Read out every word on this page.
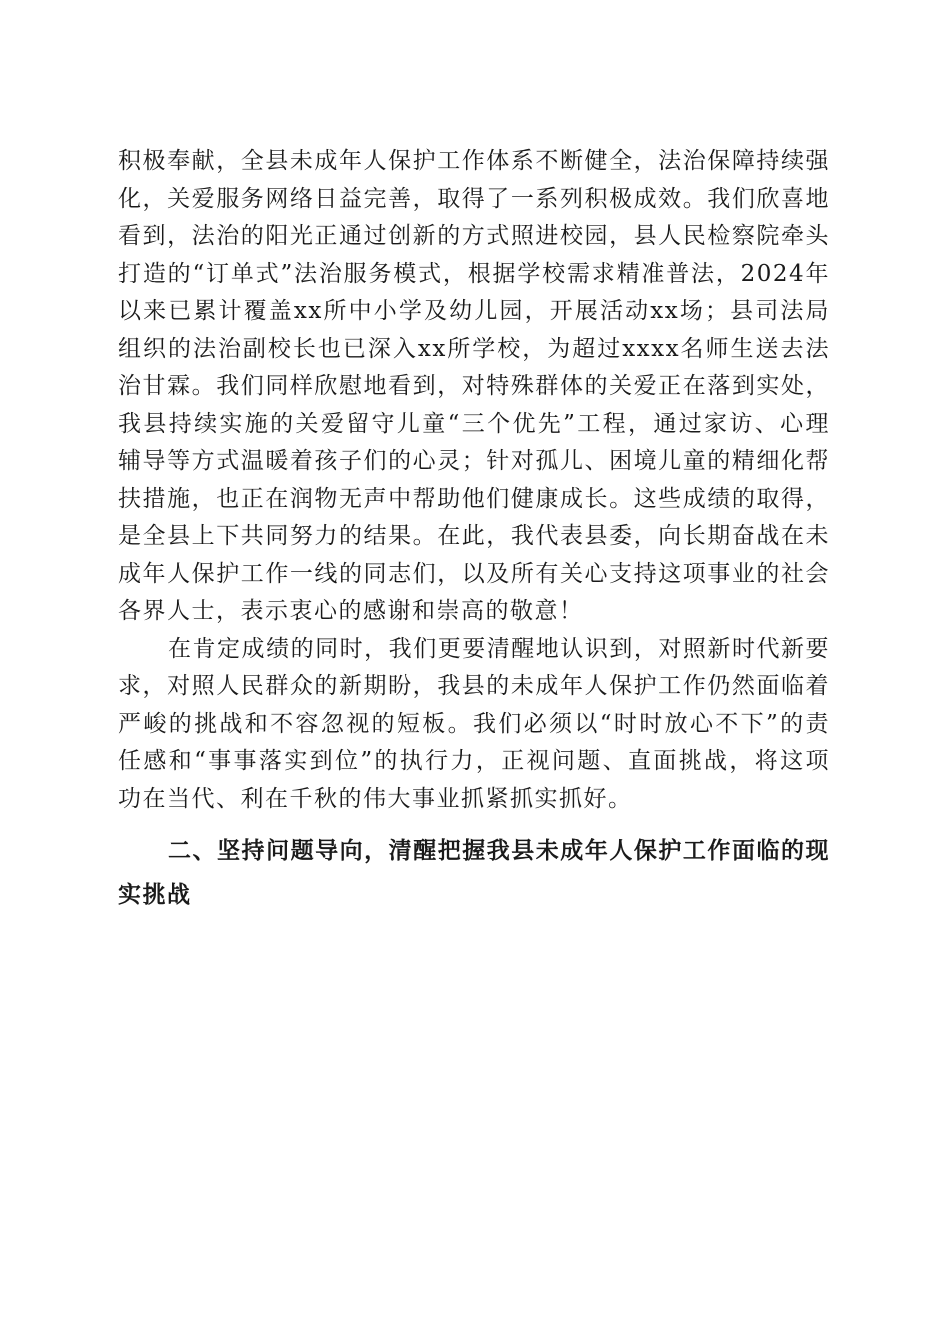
积极奉献，全县未成年人保护工作体系不断健全，法治保障持续强化，关爱服务网络日益完善，取得了一系列积极成效。我们欣喜地看到，法治的阳光正通过创新的方式照进校园，县人民检察院牵头打造的“订单式”法治服务模式，根据学校需求精准普法，2024年以来已累计覆盖xx所中小学及幼儿园，开展活动xx场；县司法局组织的法治副校长也已深入xx所学校，为超过xxxx名师生送去法治甘霖。我们同样欣慰地看到，对特殊群体的关爱正在落到实处，我县持续实施的关爱留守儿童“三个优先”工程，通过家访、心理辅导等方式温暖着孩子们的心灵；针对孤儿、困境儿童的精细化帮扶措施，也正在润物无声中帮助他们健康成长。这些成绩的取得，是全县上下共同努力的结果。在此，我代表县委，向长期奋战在未成年人保护工作一线的同志们，以及所有关心支持这项事业的社会各界人士，表示衷心的感谢和崇高的敬意！

在肯定成绩的同时，我们更要清醒地认识到，对照新时代新要求，对照人民群众的新期盼，我县的未成年人保护工作仍然面临着严峻的挑战和不容忽视的短板。我们必须以“时时放心不下”的责任感和“事事落实到位”的执行力，正视问题、直面挑战，将这项功在当代、利在千秋的伟大事业抓紧抓实抓好。

二、坚持问题导向，清醒把握我县未成年人保护工作面临的现实挑战
